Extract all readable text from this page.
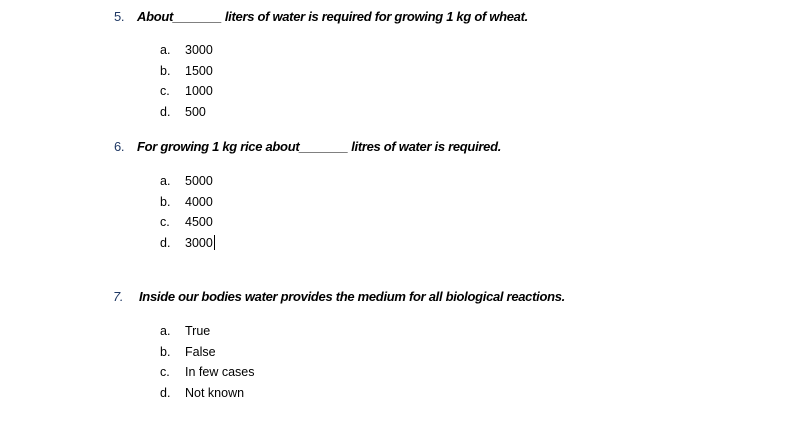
5. About_______ liters of water is required for growing 1 kg of wheat.
a. 3000
b. 1500
c. 1000
d. 500
6. For growing 1 kg rice about_______ litres of water is required.
a. 5000
b. 4000
c. 4500
d. 3000
7. Inside our bodies water provides the medium for all biological reactions.
a. True
b. False
c. In few cases
d. Not known
